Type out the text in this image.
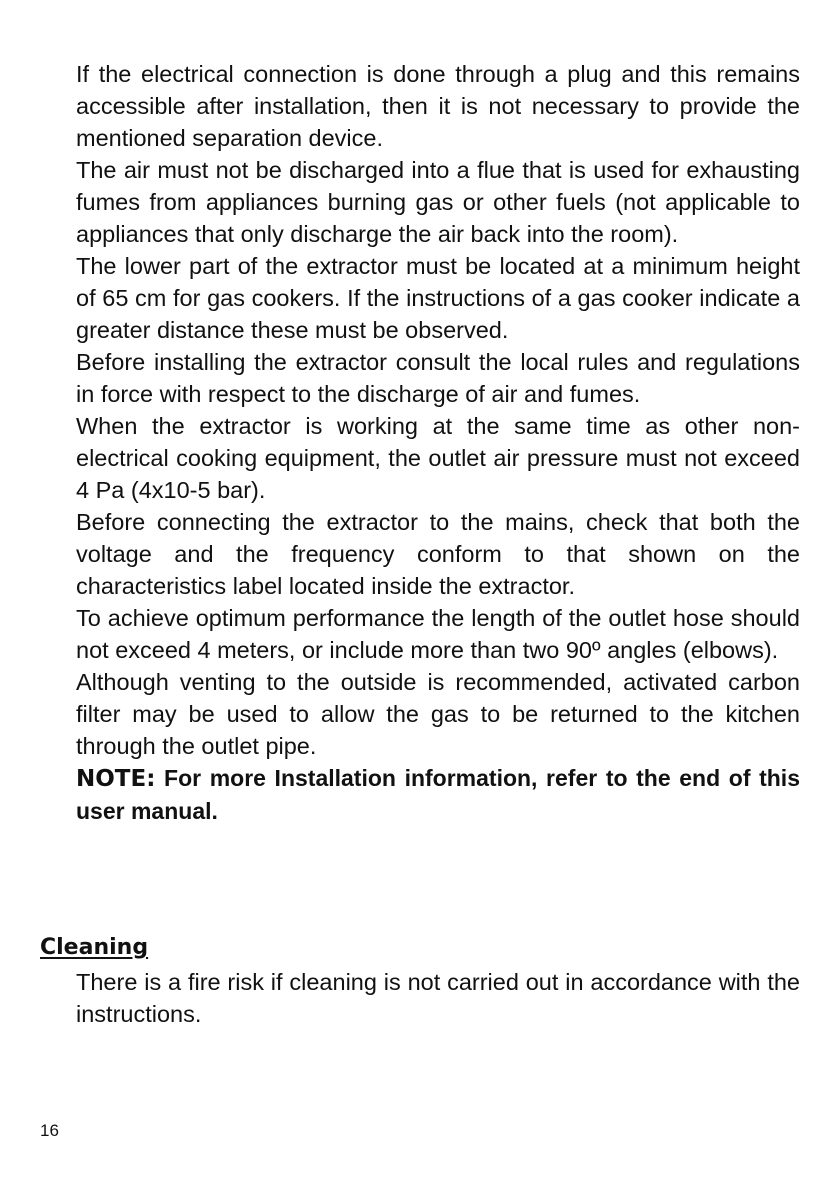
If the electrical connection is done through a plug and this remains accessible after installation, then it is not necessary to provide the mentioned separation device.

The air must not be discharged into a flue that is used for exhausting fumes from appliances burning gas or other fuels (not applicable to appliances that only discharge the air back into the room).

The lower part of the extractor must be located at a minimum height of 65 cm for gas cookers. If the instructions of a gas cooker indicate a greater distance these must be observed.

Before installing the extractor consult the local rules and regulations in force with respect to the discharge of air and fumes.

When the extractor is working at the same time as other non-electrical cooking equipment, the outlet air pressure must not exceed 4 Pa (4x10-5 bar).

Before connecting the extractor to the mains, check that both the voltage and the frequency conform to that shown on the characteristics label located inside the extractor.

To achieve optimum performance the length of the outlet hose should not exceed 4 meters, or include more than two 90º angles (elbows).

Although venting to the outside is recommended, activated carbon filter may be used to allow the gas to be returned to the kitchen through the outlet pipe.

NOTE: For more Installation information, refer to the end of this user manual.

Cleaning

There is a fire risk if cleaning is not carried out in accordance with the instructions.

16
